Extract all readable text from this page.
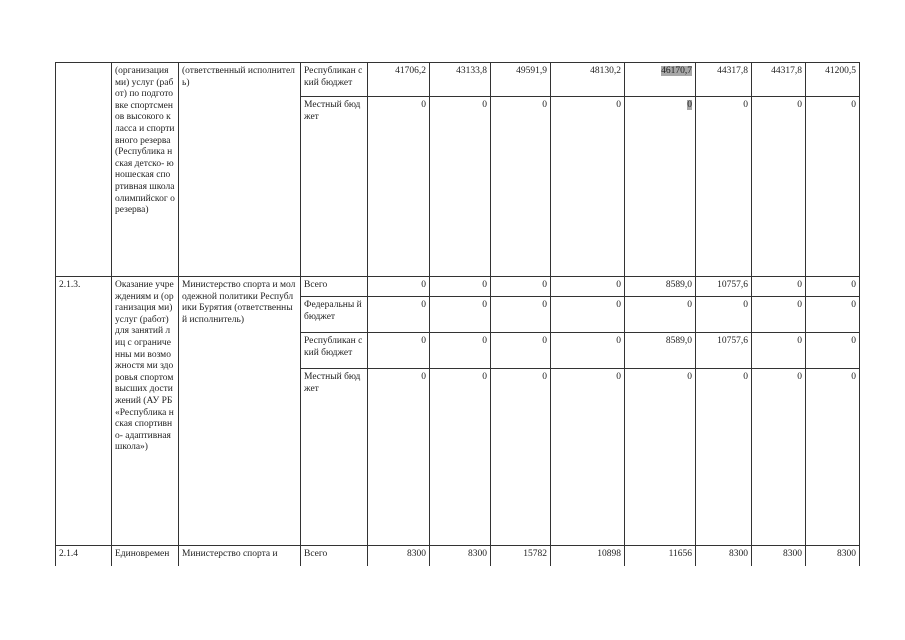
	(организация ми) услуг (работ) по подготовке спортсменов высокого класса и спортивного резерва (Республика нская детско- юношеская спортивная школа олимпийског о резерва)	(ответственный исполнитель)	Республикан ский бюджет	41706,2	43133,8	49591,9	48130,2	46170,7	44317,8	44317,8	41200,5
			Местный бюджет	0	0	0	0	0	0	0	0
2.1.3.	Оказание учреждениям и (организация ми) услуг (работ) для занятий лиц с ограниченны ми возможностя ми здоровья спортом высших достижений (АУ РБ «Республика нская спортивно- адаптивная школа»)	Министерство спорта и молодежной политики Республики Бурятия (ответственный исполнитель)	Всего	0	0	0	0	8589,0	10757,6	0	0
			Федеральны й бюджет	0	0	0	0	0	0	0	0
			Республикан ский бюджет	0	0	0	0	8589,0	10757,6	0	0
			Местный бюджет	0	0	0	0	0	0	0	0
2.1.4	Единовремен	Министерство спорта и	Всего	8300	8300	15782	10898	11656	8300	8300	8300
